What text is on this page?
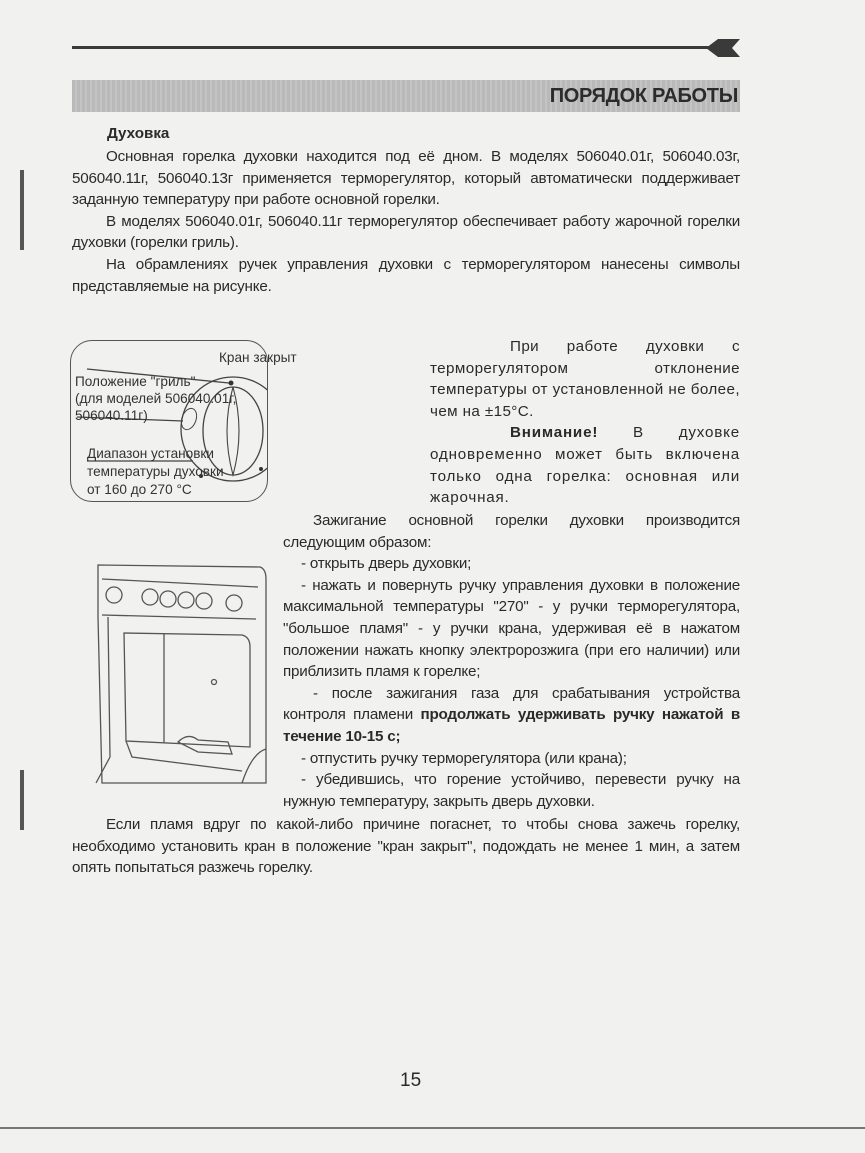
ПОРЯДОК РАБОТЫ
Духовка

Основная горелка духовки находится под её дном. В моделях 506040.01г, 506040.03г, 506040.11г, 506040.13г применяется терморегулятор, который автоматически поддерживает заданную температуру при работе основной горелки.

В моделях 506040.01г, 506040.11г терморегулятор обеспечивает работу жарочной горелки духовки (горелки гриль).

На обрамлениях ручек управления духовки с терморегулятором нанесены символы представляемые на рисунке.

Кран закрыт
Положение "гриль"
(для моделей 506040.01г,
506040.11г)
Диапазон установки
температуры духовки
от 160 до 270 °C

При работе духовки с терморегулятором отклонение температуры от установленной не более, чем на ±15°С.

Внимание! В духовке одновременно может быть включена только одна горелка: основная или жарочная.

Зажигание основной горелки духовки производится следующим образом:

- открыть дверь духовки;

- нажать и повернуть ручку управления духовки в положение максимальной температуры "270" - у ручки терморегулятора, "большое пламя" - у ручки крана, удерживая её в нажатом положении нажать кнопку электророзжига (при его наличии) или приблизить пламя к горелке;

- после зажигания газа для срабатывания устройства контроля пламени продолжать удерживать ручку нажатой в течение 10-15 с;

- отпустить ручку терморегулятора (или крана);

- убедившись, что горение устойчиво, перевести ручку на нужную температуру, закрыть дверь духовки.

Если пламя вдруг по какой-либо причине погаснет, то чтобы снова зажечь горелку, необходимо установить кран в положение "кран закрыт", подождать не менее 1 мин, а затем опять попытаться разжечь горелку.

15
